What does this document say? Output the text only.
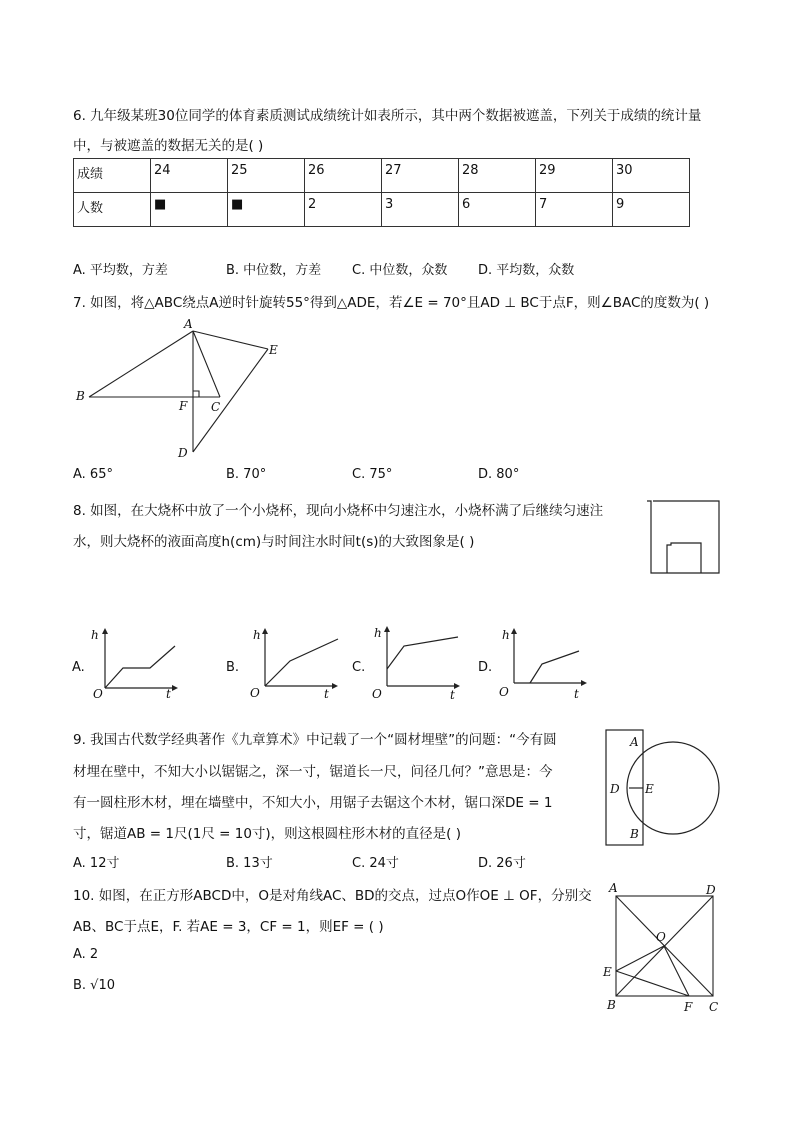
6. 九年级某班30位同学的体育素质测试成绩统计如表所示，其中两个数据被遮盖，下列关于成绩的统计量
中，与被遮盖的数据无关的是( )
成绩	24	25	26	27	28	29	30
人数	■	■	2	3	6	7	9
A. 平均数，方差	B. 中位数，方差 C. 中位数，众数 D. 平均数，众数
7. 如图，将△ABC绕点A逆时针旋转55°得到△ADE，若∠E = 70°且AD ⊥ BC于点F，则∠BAC的度数为( )
A
B
C
D
E
F
A. 65°	B. 70°	C. 75°	D. 80°
8. 如图，在大烧杯中放了一个小烧杯，现向小烧杯中匀速注水，小烧杯满了后继续匀速注
水，则大烧杯的液面高度h(cm)与时间注水时间t(s)的大致图象是( )
A.
h
t
O
B.
h
t
O
C.
h
t
O
D.
h
t
O
9. 我国古代数学经典著作《九章算术》中记载了一个“圆材埋壁”的问题：“今有圆
材埋在壁中，不知大小以锯锯之，深一寸，锯道长一尺，问径几何？”意思是：今
有一圆柱形木材，埋在墙壁中，不知大小，用锯子去锯这个木材，锯口深DE = 1
寸，锯道AB = 1尺(1尺 = 10寸)，则这根圆柱形木材的直径是( )
A
B
D E
A. 12寸	B. 13寸	C. 24寸	D. 26寸
10. 如图，在正方形ABCD中，O是对角线AC、BD的交点，过点O作OE ⊥ OF，分别交
AB、BC于点E，F. 若AE = 3，CF = 1，则EF = ( )
A. 2
B. √10
A	D
O
E
B	F C
